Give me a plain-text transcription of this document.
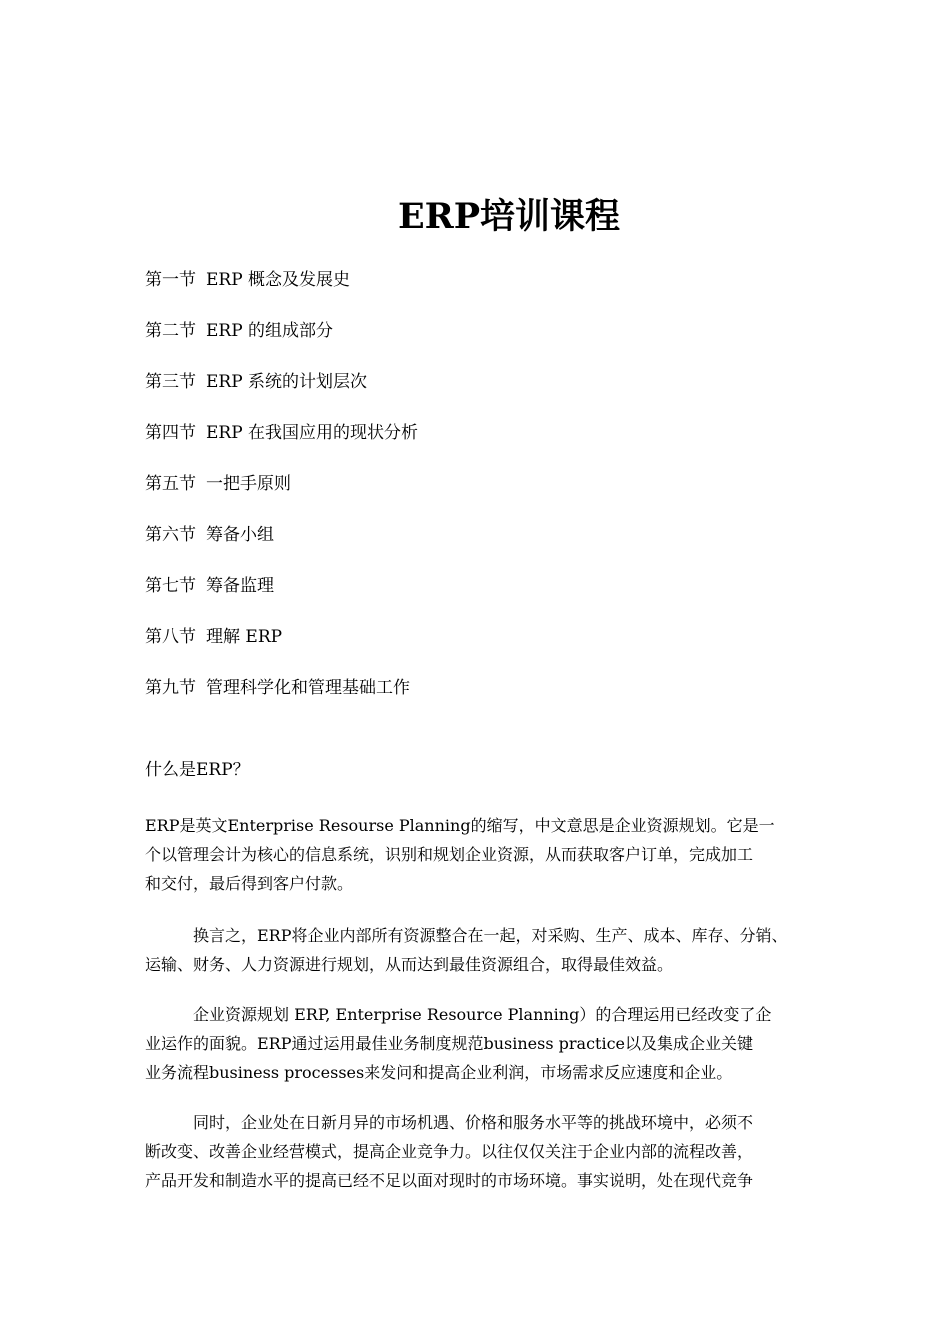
ERP培训课程
第一节 ERP 概念及发展史
第二节 ERP 的组成部分
第三节 ERP 系统的计划层次
第四节 ERP 在我国应用的现状分析
第五节 一把手原则
第六节 筹备小组
第七节 筹备监理
第八节 理解 ERP
第九节 管理科学化和管理基础工作
什么是ERP？
ERP是英文Enterprise Resourse Planning的缩写，中文意思是企业资源规划。它是一
个以管理会计为核心的信息系统，识别和规划企业资源，从而获取客户订单，完成加工
和交付，最后得到客户付款。
换言之，ERP将企业内部所有资源整合在一起，对采购、生产、成本、库存、分销、
运输、财务、人力资源进行规划，从而达到最佳资源组合，取得最佳效益。
企业资源规划 ERP, Enterprise Resource Planning）的合理运用已经改变了企
业运作的面貌。ERP通过运用最佳业务制度规范business practice以及集成企业关键
业务流程business processes来发问和提高企业利润，市场需求反应速度和企业。
同时，企业处在日新月异的市场机遇、价格和服务水平等的挑战环境中，必须不
断改变、改善企业经营模式，提高企业竞争力。以往仅仅关注于企业内部的流程改善，
产品开发和制造水平的提高已经不足以面对现时的市场环境。事实说明，处在现代竞争
